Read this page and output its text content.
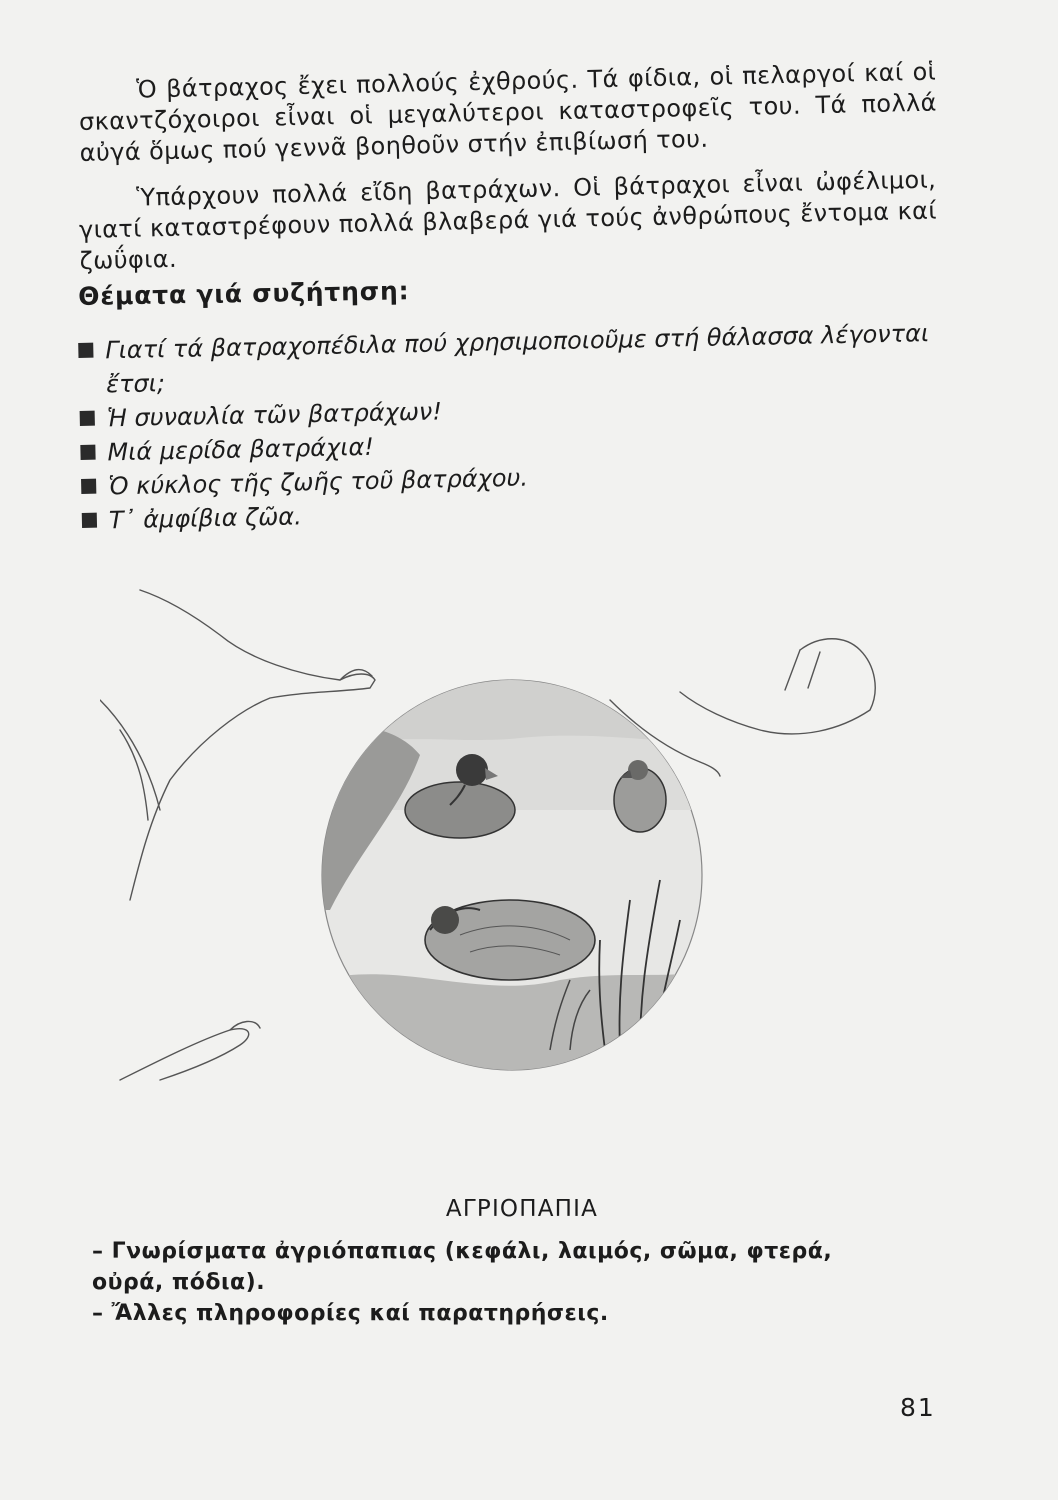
Ὁ βάτραχος ἔχει πολλούς ἐχθρούς. Τά φίδια, οἱ πελαργοί καί οἱ σκαντζόχοιροι εἶναι οἱ μεγαλύτεροι καταστροφεῖς του. Τά πολλά αὐγά ὅμως πού γεννᾶ βοηθοῦν στήν ἐπιβίωσή του.

Ὑπάρχουν πολλά εἴδη βατράχων. Οἱ βάτραχοι εἶναι ὠφέλιμοι, γιατί καταστρέφουν πολλά βλαβερά γιά τούς ἀνθρώπους ἔντομα καί ζωΰφια.

Θέματα γιά συζήτηση:
Γιατί τά βατραχοπέδιλα πού χρησιμοποιοῦμε στή θάλασσα λέγονται ἔτσι;
Ἡ συναυλία τῶν βατράχων!
Μιά μερίδα βατράχια!
Ὁ κύκλος τῆς ζωῆς τοῦ βατράχου.
Τ᾽ ἀμφίβια ζῶα.
ΑΓΡΙΟΠΑΠΙΑ
– Γνωρίσματα ἀγριόπαπιας (κεφάλι, λαιμός, σῶμα, φτερά, οὐρά, πόδια).
– Ἄλλες πληροφορίες καί παρατηρήσεις.
81
